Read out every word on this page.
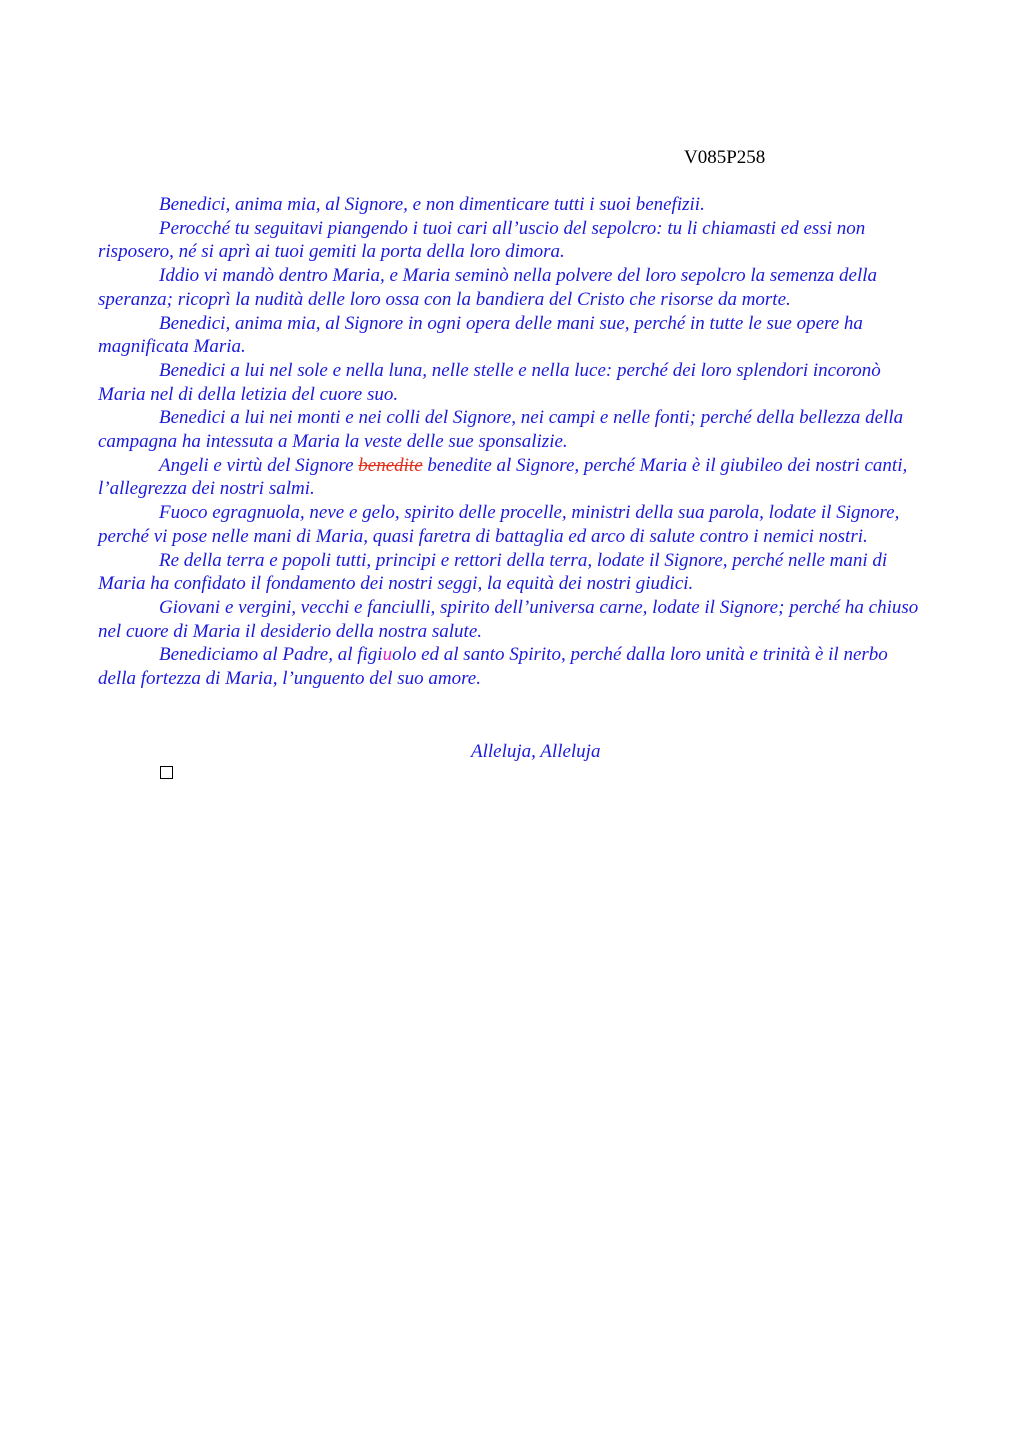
V085P258

Benedici, anima mia, al Signore, e non dimenticare tutti i suoi benefizii.

Perocché tu seguitavi piangendo i tuoi cari all’uscio del sepolcro: tu li chiamasti ed essi non risposero, né si aprì ai tuoi gemiti la porta della loro dimora.

Iddio vi mandò dentro Maria, e Maria seminò nella polvere del loro sepolcro la semenza della speranza; ricoprì la nudità delle loro ossa con la bandiera del Cristo che risorse da morte.

Benedici, anima mia, al Signore in ogni opera delle mani sue, perché in tutte le sue opere ha magnificata Maria.

Benedici a lui nel sole e nella luna, nelle stelle e nella luce: perché dei loro splendori incoronò Maria nel di della letizia del cuore suo.

Benedici a lui nei monti e nei colli del Signore, nei campi e nelle fonti; perché della bellezza della campagna ha intessuta a Maria la veste delle sue sponsalizie.

Angeli e virtù del Signore benedite benedite al Signore, perché Maria è il giubileo dei nostri canti, l’allegrezza dei nostri salmi.

Fuoco egragnuola, neve e gelo, spirito delle procelle, ministri della sua parola, lodate il Signore, perché vi pose nelle mani di Maria, quasi faretra di battaglia ed arco di salute contro i nemici nostri.

Re della terra e popoli tutti, principi e rettori della terra, lodate il Signore, perché nelle mani di Maria ha confidato il fondamento dei nostri seggi, la equità dei nostri giudici.

Giovani e vergini, vecchi e fanciulli, spirito dell’universa carne, lodate il Signore; perché ha chiuso nel cuore di Maria il desiderio della nostra salute.

Benediciamo al Padre, al figiuolo ed al santo Spirito, perché dalla loro unità e trinità è il nerbo della fortezza di Maria, l’unguento del suo amore.

Alleluja, Alleluja
